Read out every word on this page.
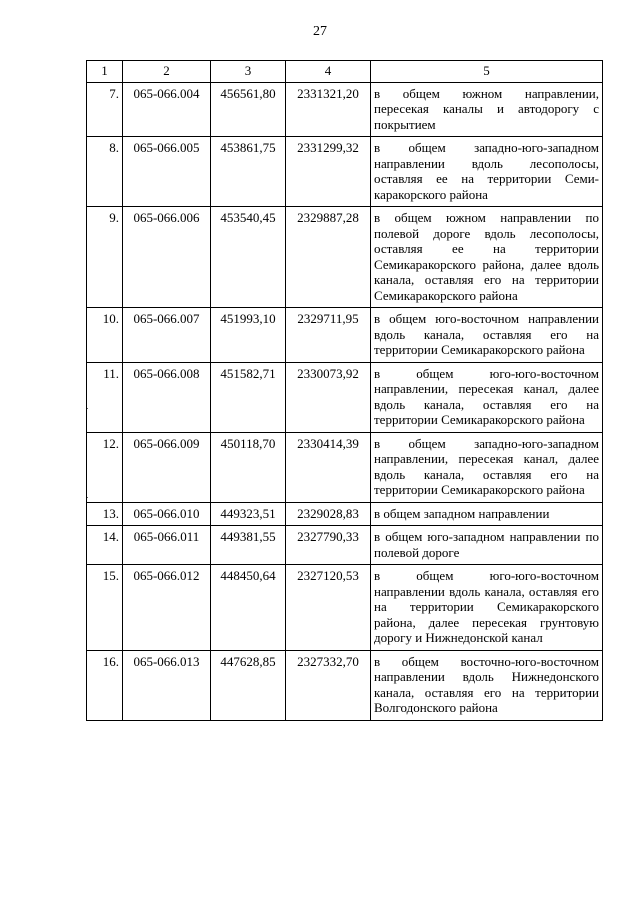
27
1	2	3	4	5
7.	065-066.004	456561,80	2331321,20	в общем южном направлении, пересекая каналы и автодорогу с покрытием
8.	065-066.005	453861,75	2331299,32	в общем западно-юго-западном направлении вдоль лесополосы, оставляя ее на территории Семикаракорского района
9.	065-066.006	453540,45	2329887,28	в общем южном направлении по полевой дороге вдоль лесополосы, оставляя ее на территории Семикаракорского района, далее вдоль канала, оставляя его на территории Семикаракорского района
10.	065-066.007	451993,10	2329711,95	в общем юго-восточном направлении вдоль канала, оставляя его на территории Семикаракорского района
11.	065-066.008	451582,71	2330073,92	в общем юго-юго-восточном направлении, пересекая канал, далее вдоль канала, оставляя его на территории Семикаракорского района
12.	065-066.009	450118,70	2330414,39	в общем западно-юго-западном направлении, пересекая канал, далее вдоль канала, оставляя его на территории Семикаракорского района
13.	065-066.010	449323,51	2329028,83	в общем западном направлении
14.	065-066.011	449381,55	2327790,33	в общем юго-западном направлении по полевой дороге
15.	065-066.012	448450,64	2327120,53	в общем юго-юго-восточном направлении вдоль канала, оставляя его на территории Семикаракорского района, далее пересекая грунтовую дорогу и Нижнедонской канал
16.	065-066.013	447628,85	2327332,70	в общем восточно-юго-восточном направлении вдоль Нижнедонского канала, оставляя его на территории Волгодонского района
